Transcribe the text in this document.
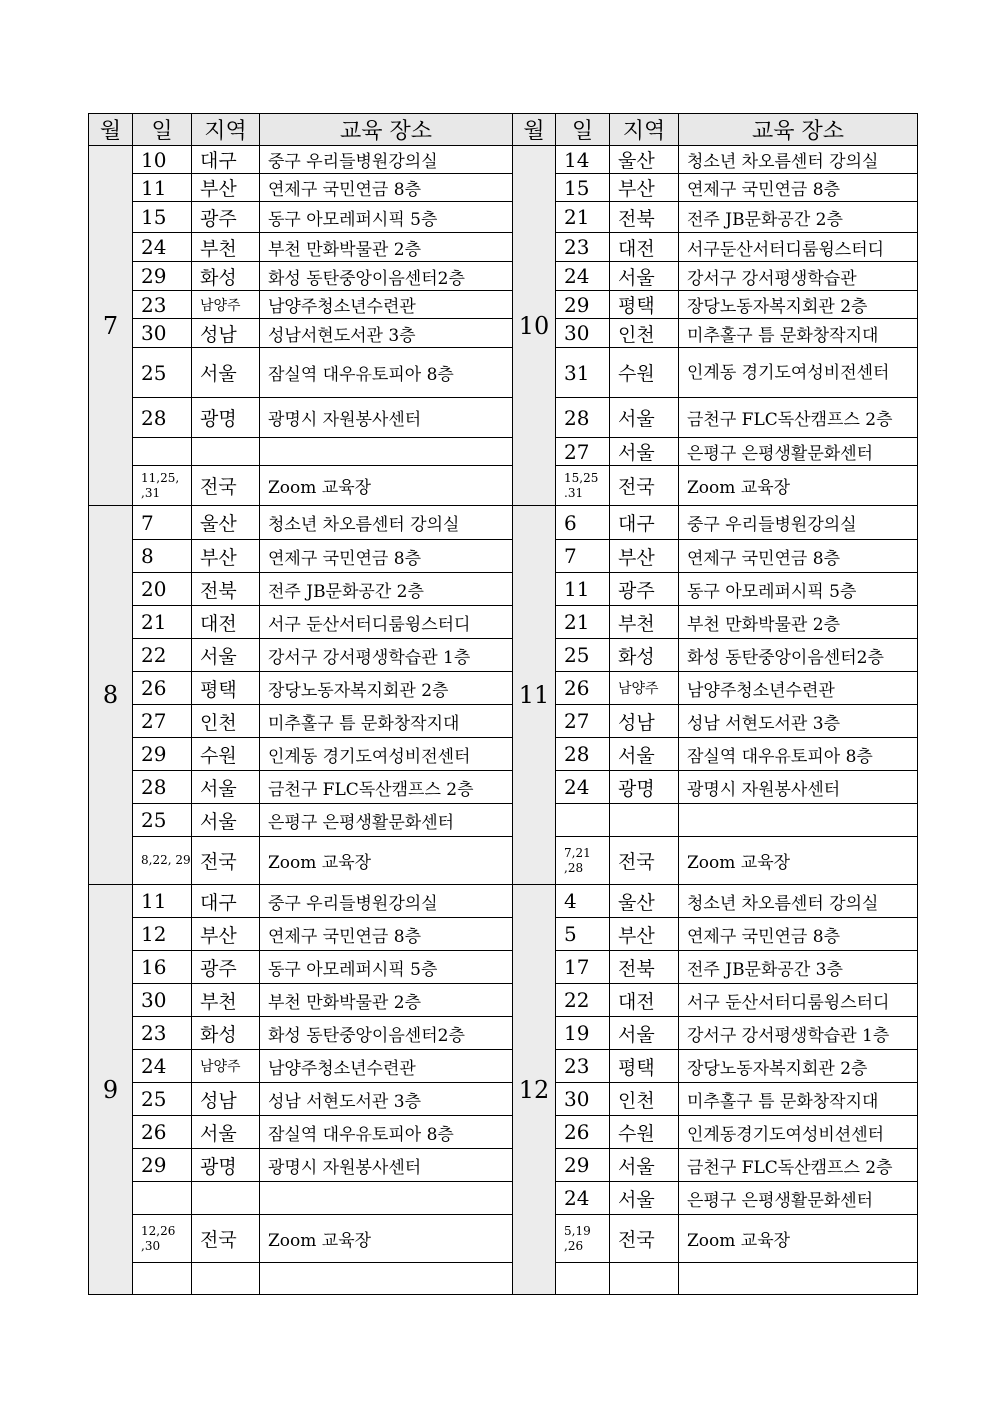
월	일	지역	교육 장소	월	일	지역	교육 장소
7	10	대구	중구 우리들병원강의실	10	14	울산	청소년 차오름센터 강의실
	11	부산	연제구 국민연금 8층		15	부산	연제구 국민연금 8층
	15	광주	동구 아모레퍼시픽 5층		21	전북	전주 JB문화공간 2층
	24	부천	부천 만화박물관 2층		23	대전	서구둔산서터디룸윙스터디
	29	화성	화성 동탄중앙이음센터2층		24	서울	강서구 강서평생학습관
	23	남양주	남양주청소년수련관		29	평택	장당노동자복지회관 2층
	30	성남	성남서현도서관 3층		30	인천	미추홀구 틈 문화창작지대
	25	서울	잠실역 대우유토피아 8층		31	수원	인계동 경기도여성비전센터
	28	광명	광명시 자원봉사센터		28	서울	금천구 FLC독산캠프스 2층
					27	서울	은평구 은평생활문화센터
	11,25, ,31	전국	Zoom 교육장		15,25 .31	전국	Zoom 교육장
8	7	울산	청소년 차오름센터 강의실	11	6	대구	중구 우리들병원강의실
	8	부산	연제구 국민연금 8층		7	부산	연제구 국민연금 8층
	20	전북	전주 JB문화공간 2층		11	광주	동구 아모레퍼시픽 5층
	21	대전	서구 둔산서터디룸윙스터디		21	부천	부천 만화박물관 2층
	22	서울	강서구 강서평생학습관 1층		25	화성	화성 동탄중앙이음센터2층
	26	평택	장당노동자복지회관 2층		26	남양주	남양주청소년수련관
	27	인천	미추홀구 틈 문화창작지대		27	성남	성남 서현도서관 3층
	29	수원	인계동 경기도여성비전센터		28	서울	잠실역 대우유토피아 8층
	28	서울	금천구 FLC독산캠프스 2층		24	광명	광명시 자원봉사센터
	25	서울	은평구 은평생활문화센터				
	8,22, 29	전국	Zoom 교육장		7,21 ,28	전국	Zoom 교육장
9	11	대구	중구 우리들병원강의실	12	4	울산	청소년 차오름센터 강의실
	12	부산	연제구 국민연금 8층		5	부산	연제구 국민연금 8층
	16	광주	동구 아모레퍼시픽 5층		17	전북	전주 JB문화공간 3층
	30	부천	부천 만화박물관 2층		22	대전	서구 둔산서터디룸윙스터디
	23	화성	화성 동탄중앙이음센터2층		19	서울	강서구 강서평생학습관 1층
	24	남양주	남양주청소년수련관		23	평택	장당노동자복지회관 2층
	25	성남	성남 서현도서관 3층		30	인천	미추홀구 틈 문화창작지대
	26	서울	잠실역 대우유토피아 8층		26	수원	인계동경기도여성비션센터
	29	광명	광명시 자원봉사센터		29	서울	금천구 FLC독산캠프스 2층
					24	서울	은평구 은평생활문화센터
	12,26 ,30	전국	Zoom 교육장		5,19 ,26	전국	Zoom 교육장
